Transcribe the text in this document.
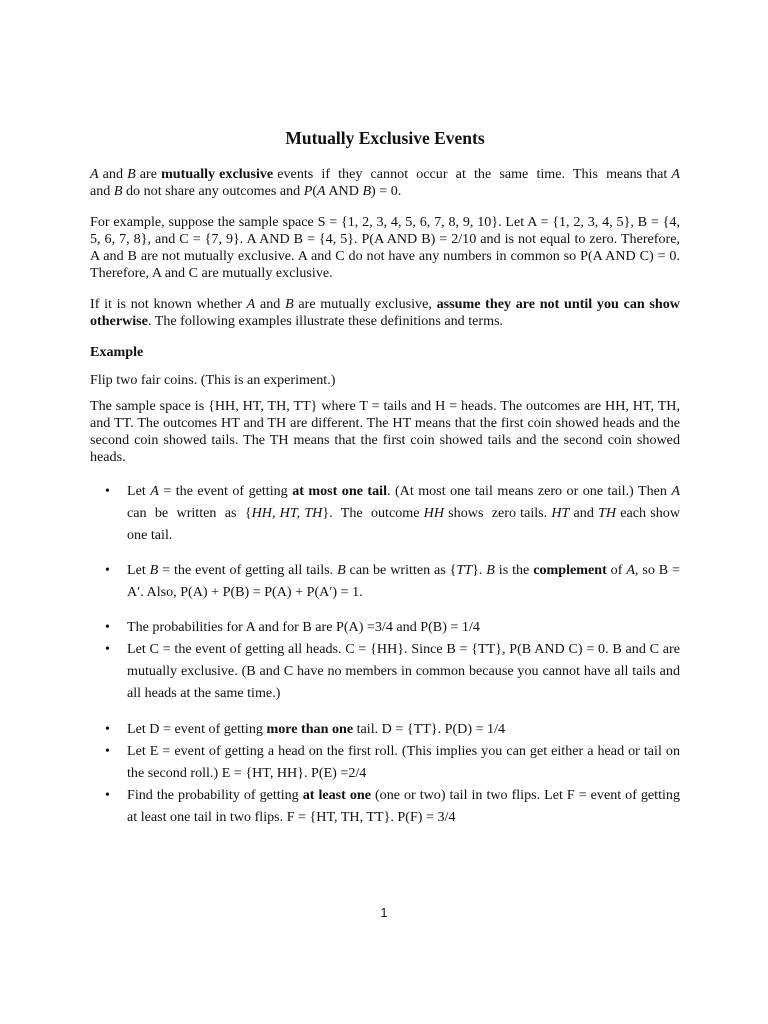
Mutually Exclusive Events

A and B are mutually exclusive events  if  they  cannot  occur  at  the  same  time.  This  means that A and B do not share any outcomes and P(A AND B) = 0.

For example, suppose the sample space S = {1, 2, 3, 4, 5, 6, 7, 8, 9, 10}. Let A = {1, 2, 3, 4, 5}, B = {4, 5, 6, 7, 8}, and C = {7, 9}. A AND B = {4, 5}. P(A AND B) = 2/10 and is not equal to zero. Therefore, A and B are not mutually exclusive. A and C do not have any numbers in common so P(A AND C) = 0. Therefore, A and C are mutually exclusive.

If it is not known whether A and B are mutually exclusive, assume they are not until you can show otherwise. The following examples illustrate these definitions and terms.

Example

Flip two fair coins. (This is an experiment.)

The sample space is {HH, HT, TH, TT} where T = tails and H = heads. The outcomes are HH, HT, TH, and TT. The outcomes HT and TH are different. The HT means that the first coin showed heads and the second coin showed tails. The TH means that the first coin showed tails and the second coin showed heads.

• Let A = the event of getting at most one tail. (At most one tail means zero or one tail.) Then A can  be  written  as  {HH, HT, TH}.  The  outcome HH shows  zero tails. HT and TH each show one tail.
• Let B = the event of getting all tails. B can be written as {TT}. B is the complement of A, so B = A′. Also, P(A) + P(B) = P(A) + P(A′) = 1.
• The probabilities for A and for B are P(A) =3/4 and P(B) = 1/4
• Let C = the event of getting all heads. C = {HH}. Since B = {TT}, P(B AND C) = 0. B and C are mutually exclusive. (B and C have no members in common because you cannot have all tails and all heads at the same time.)
• Let D = event of getting more than one tail. D = {TT}. P(D) = 1/4
• Let E = event of getting a head on the first roll. (This implies you can get either a head or tail on the second roll.) E = {HT, HH}. P(E) =2/4
• Find the probability of getting at least one (one or two) tail in two flips. Let F = event of getting at least one tail in two flips. F = {HT, TH, TT}. P(F) = 3/4
1
